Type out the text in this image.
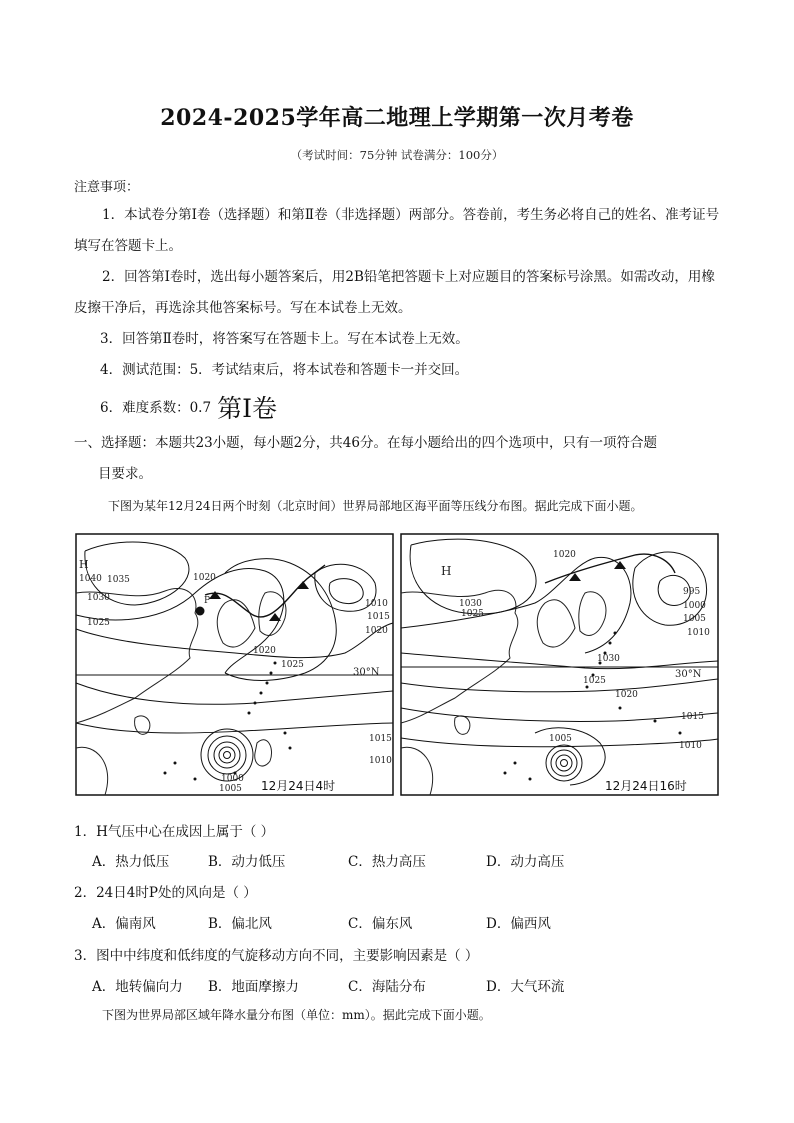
2024-2025学年高二地理上学期第一次月考卷
（考试时间：75分钟 试卷满分：100分）
注意事项：
1．本试卷分第Ⅰ卷（选择题）和第Ⅱ卷（非选择题）两部分。答卷前，考生务必将自己的姓名、准考证号填写在答题卡上。
2．回答第Ⅰ卷时，选出每小题答案后，用2B铅笔把答题卡上对应题目的答案标号涂黑。如需改动，用橡皮擦干净后，再选涂其他答案标号。写在本试卷上无效。
3．回答第Ⅱ卷时，将答案写在答题卡上。写在本试卷上无效。
4．测试范围：5．考试结束后，将本试卷和答题卡一并交回。
6．难度系数：0.7 第Ⅰ卷
一、选择题：本题共23小题，每小题2分，共46分。在每小题给出的四个选项中，只有一项符合题
目要求。
下图为某年12月24日两个时刻（北京时间）世界局部地区海平面等压线分布图。据此完成下面小题。
P
H
1040 1035
1030
1025
1020
1020
1025
1010
1015
1020
1015
1010
1000
1005
30°N
12月24日4时
H
1020
1030
1025
995
1000
1005
1010
1030
1025
1020
1015
1010
1005
30°N
12月24日16时
1．H气压中心在成因上属于（ ）
A．热力低压	B．动力低压	C．热力高压	D．动力高压
2．24日4时P处的风向是（ ）
A．偏南风	B．偏北风	C．偏东风	D．偏西风
3．图中中纬度和低纬度的气旋移动方向不同，主要影响因素是（ ）
A．地转偏向力 B．地面摩擦力	C．海陆分布	D．大气环流
下图为世界局部区域年降水量分布图（单位：mm）。据此完成下面小题。
